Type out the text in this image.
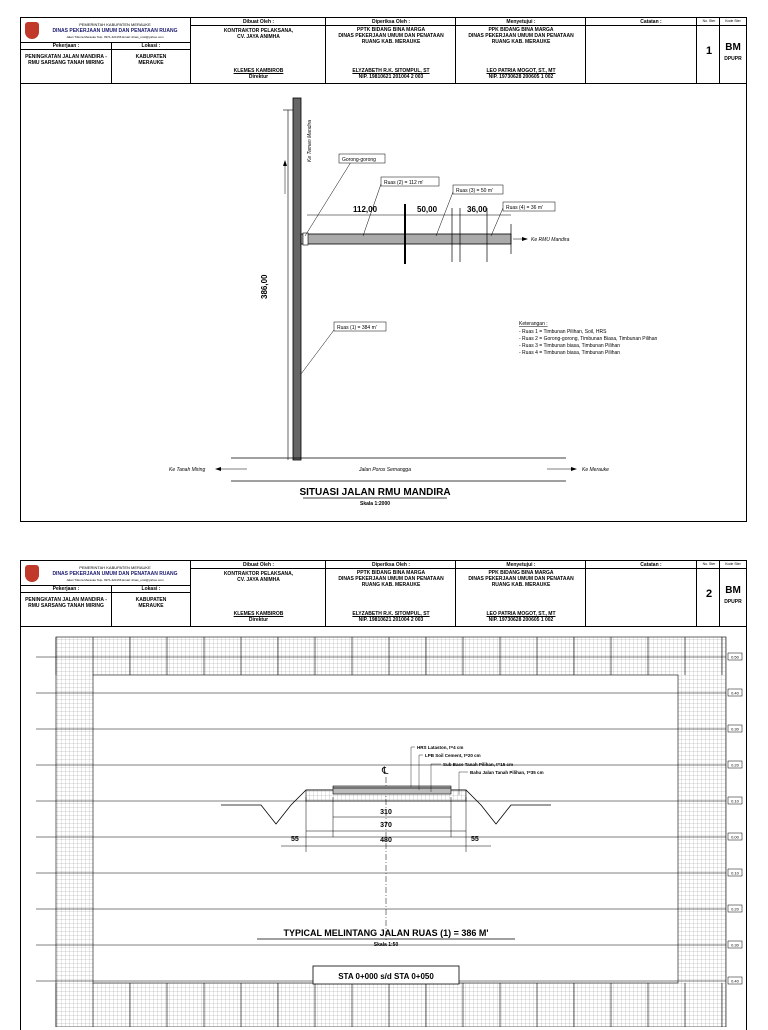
PEMERINTAH KABUPATEN MERAUKE
DINAS PEKERJAAN UMUM DAN PENATAAN RUANG
Jalan Trikora Merauke Telp. 0971-321156 Email: dinas_umit@yahoo.com
Pekerjaan :	Lokasi :
PENINGKATAN JALAN MANDIRA -
RMU SARSANG TANAH MIRING
KABUPATEN
MERAUKE
Dibuat Oleh :
KONTRAKTOR PELAKSANA,
CV. JAYA ANIMHA
KLEMES KAMBIROB
Direktur
Diperiksa Oleh :
PPTK BIDANG BINA MARGA
DINAS PEKERJAAN UMUM DAN PENATAAN
RUANG KAB. MERAUKE
ELYZABETH R.K. SITOMPUL, ST
NIP. 19810621 201004 2 003
Menyetujui :
PPK BIDANG BINA MARGA
DINAS PEKERJAAN UMUM DAN PENATAAN
RUANG KAB. MERAUKE
LEO PATRIA MOGOT, ST., MT
NIP. 19730628 200605 1 002
Catatan :	No. Ster
1
Kode Ster
BM
DPUPR
112,00	50,00	36,00
386,00
Ke Taman Mandira	Gorong-gorong
Ruas (2) = 112 m'
Ruas (3) = 50 m'
Ruas (4) = 36 m'
Ke RMU Mandira
Ruas (1) = 384 m'
Keterangan :
- Ruas 1 = Timbunan Pilihan, Soil, HRS
- Ruas 2 = Gorong-gorong, Timbunan Biasa, Timbunan Pilihan
- Ruas 3 = Timbunan biasa, Timbunan Pilihan
- Ruas 4 = Timbunan biasa, Timbunan Pilihan
Ke Tanah Miring	Jalan Poros Semangga	Ke Merauke
SITUASI JALAN RMU MANDIRA
Skala 1:2000
PEMERINTAH KABUPATEN MERAUKE
DINAS PEKERJAAN UMUM DAN PENATAAN RUANG
Jalan Trikora Merauke Telp. 0971-321156 Email: dinas_umit@yahoo.com
Pekerjaan :	Lokasi :
PENINGKATAN JALAN MANDIRA -
RMU SARSANG TANAH MIRING
KABUPATEN
MERAUKE
Dibuat Oleh :
KONTRAKTOR PELAKSANA,
CV. JAYA ANIMHA
KLEMES KAMBIROB
Direktur
Diperiksa Oleh :
PPTK BIDANG BINA MARGA
DINAS PEKERJAAN UMUM DAN PENATAAN
RUANG KAB. MERAUKE
ELYZABETH R.K. SITOMPUL, ST
NIP. 19810621 201004 2 003
Menyetujui :
PPK BIDANG BINA MARGA
DINAS PEKERJAAN UMUM DAN PENATAAN
RUANG KAB. MERAUKE
LEO PATRIA MOGOT, ST., MT
NIP. 19730628 200605 1 002
Catatan :	No. Ster
2
Kode Ster
BM
DPUPR
0.50
0.40
0.30
0.20
0.10
0.00
0.10
0.20
0.30
0.40
℄
HRS Lataston, t=4 cm
LPB Soil Cement, t=20 cm
Sub Base Tanah Pilihan, t=15 cm
Bahu Jalan Tanah Pilihan, t=35 cm
310
370
480
55	55
TYPICAL MELINTANG JALAN RUAS (1) = 386 M'
Skala 1:50
STA 0+000 s/d STA 0+050
